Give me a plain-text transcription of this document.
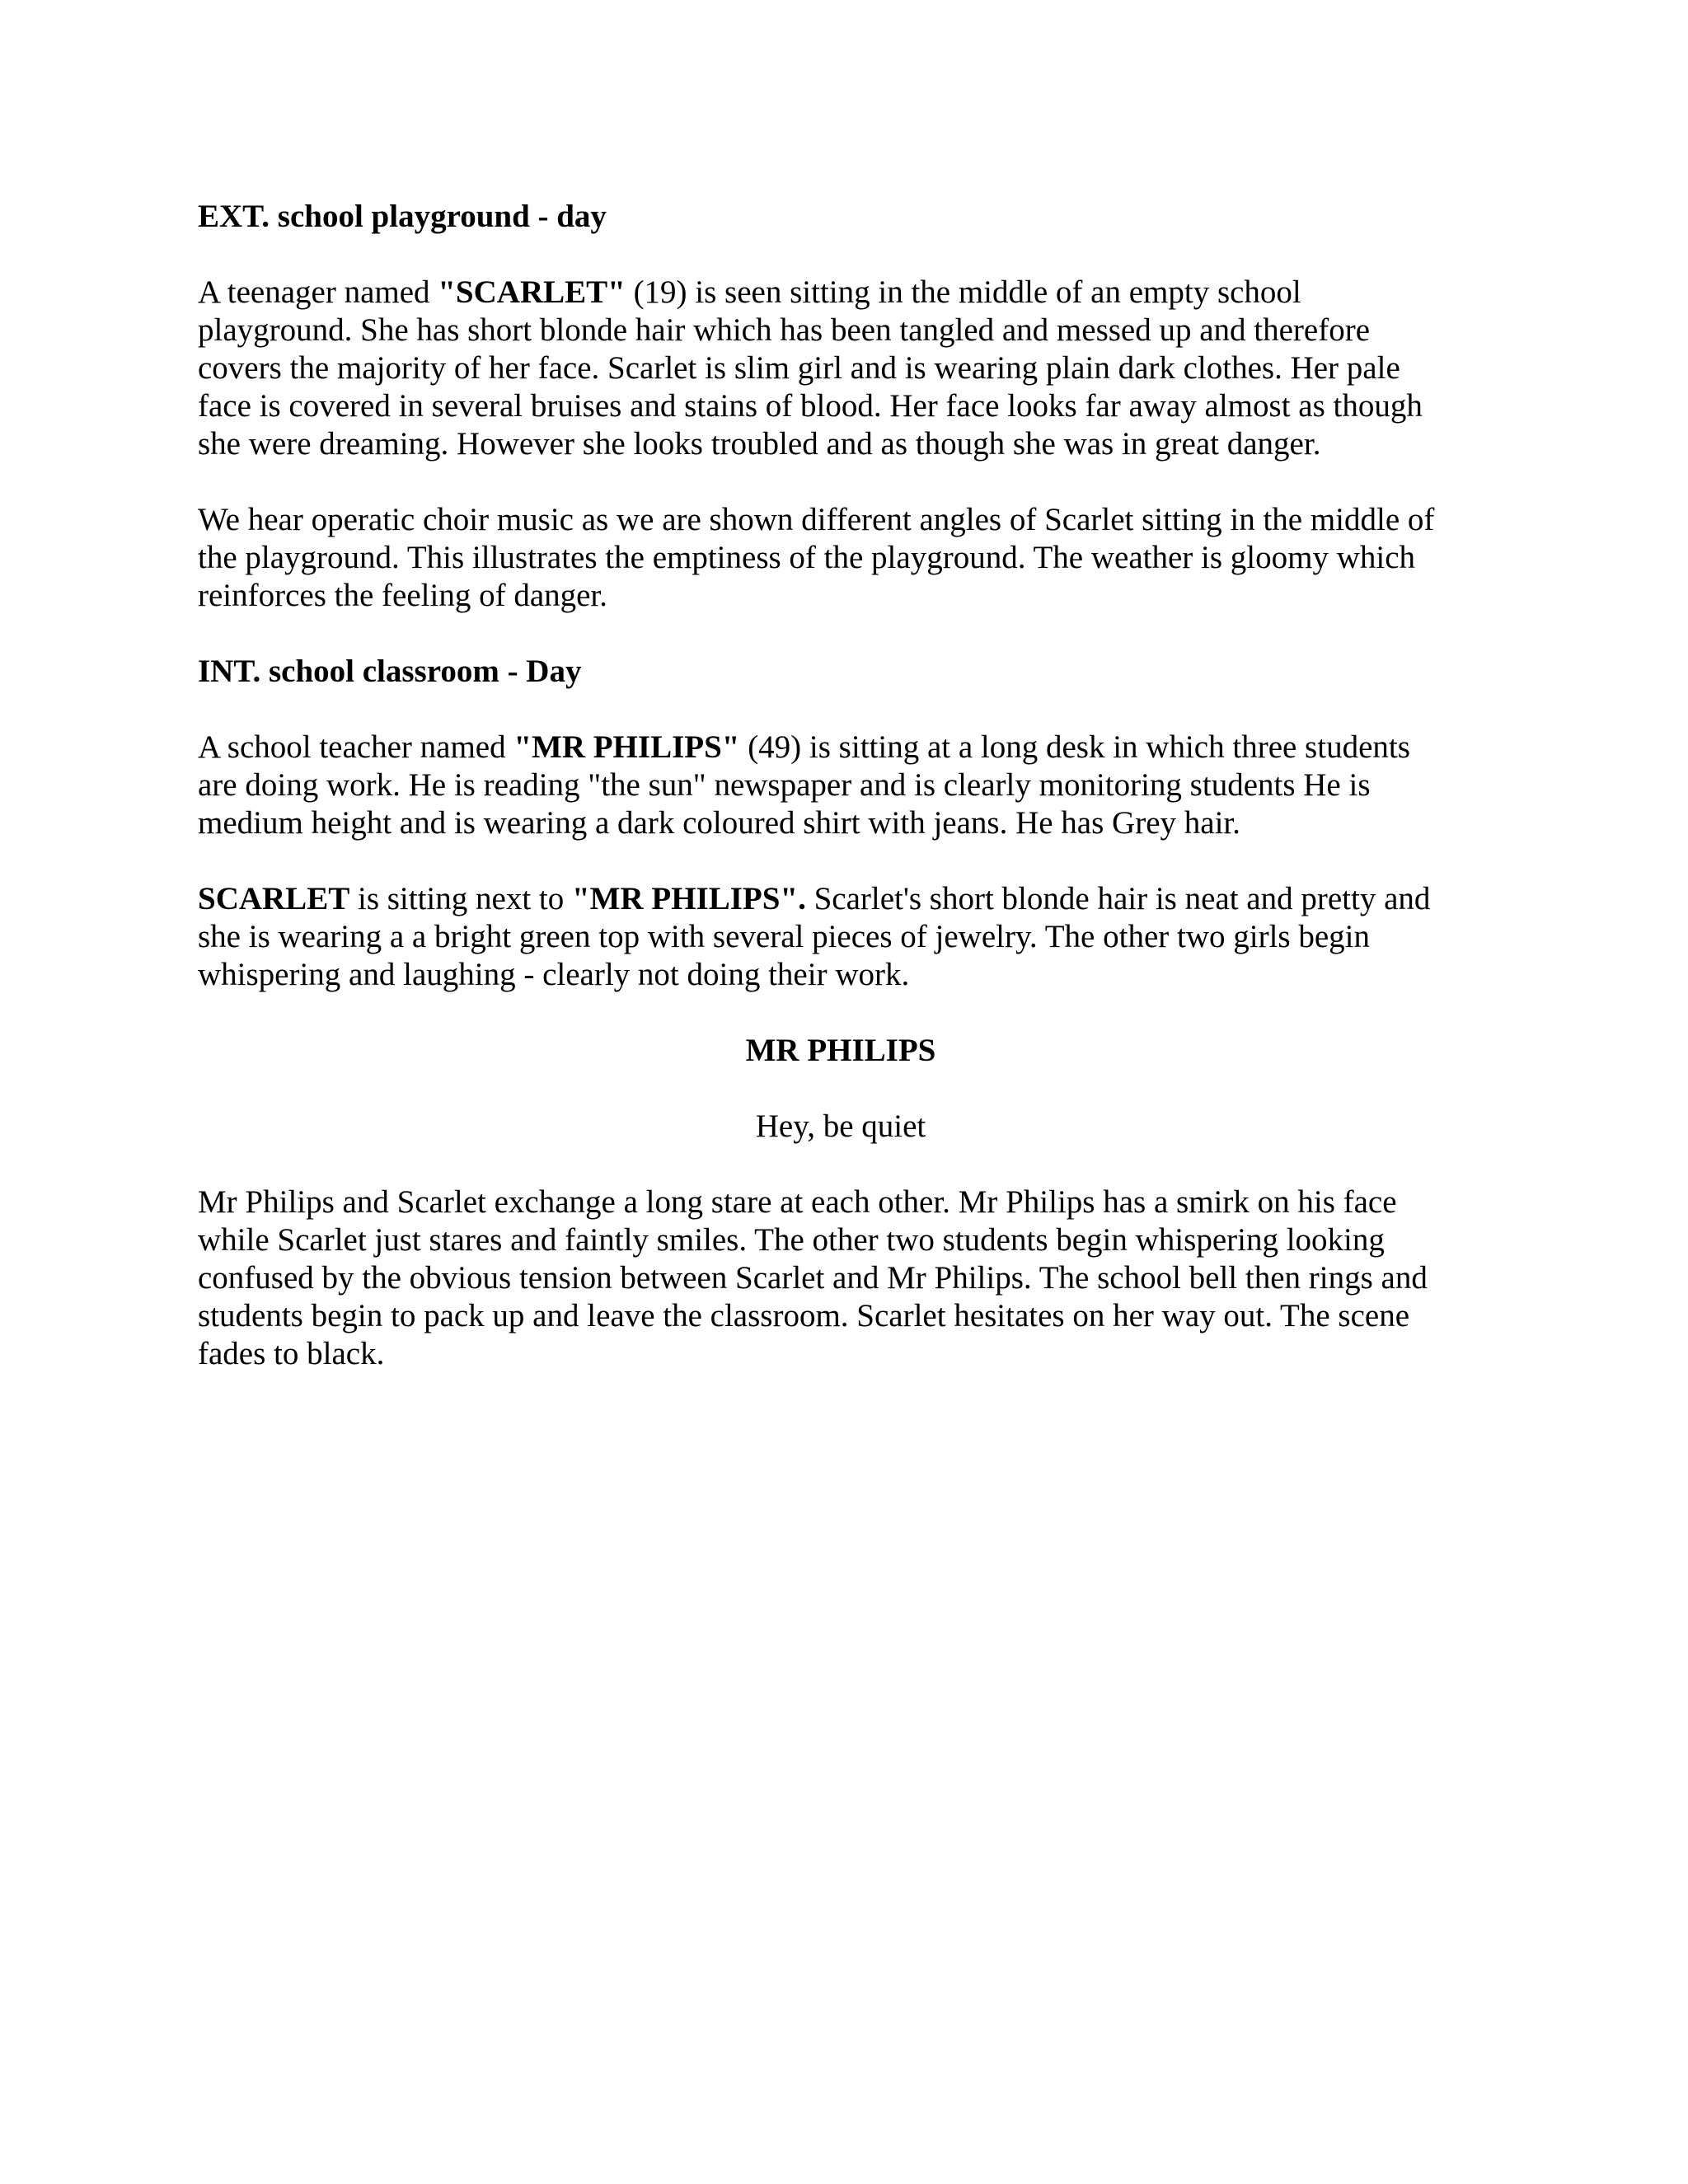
EXT. school playground - day
A teenager named "SCARLET" (19) is seen sitting in the middle of an empty school
playground. She has short blonde hair which has been tangled and messed up and therefore
covers the majority of her face. Scarlet is slim girl and is wearing plain dark clothes. Her pale
face is covered in several bruises and stains of blood. Her face looks far away almost as though
she were dreaming. However she looks troubled and as though she was in great danger.
We hear operatic choir music as we are shown different angles of Scarlet sitting in the middle of
the playground. This illustrates the emptiness of the playground. The weather is gloomy which
reinforces the feeling of danger.
INT. school classroom - Day
A school teacher named "MR PHILIPS" (49) is sitting at a long desk in which three students
are doing work. He is reading "the sun" newspaper and is clearly monitoring students He is
medium height and is wearing a dark coloured shirt with jeans. He has Grey hair.
SCARLET is sitting next to "MR PHILIPS". Scarlet's short blonde hair is neat and pretty and
she is wearing a a bright green top with several pieces of jewelry. The other two girls begin
whispering and laughing - clearly not doing their work.
MR PHILIPS
Hey, be quiet
Mr Philips and Scarlet exchange a long stare at each other. Mr Philips has a smirk on his face
while Scarlet just stares and faintly smiles. The other two students begin whispering looking
confused by the obvious tension between Scarlet and Mr Philips. The school bell then rings and
students begin to pack up and leave the classroom. Scarlet hesitates on her way out. The scene
fades to black.
